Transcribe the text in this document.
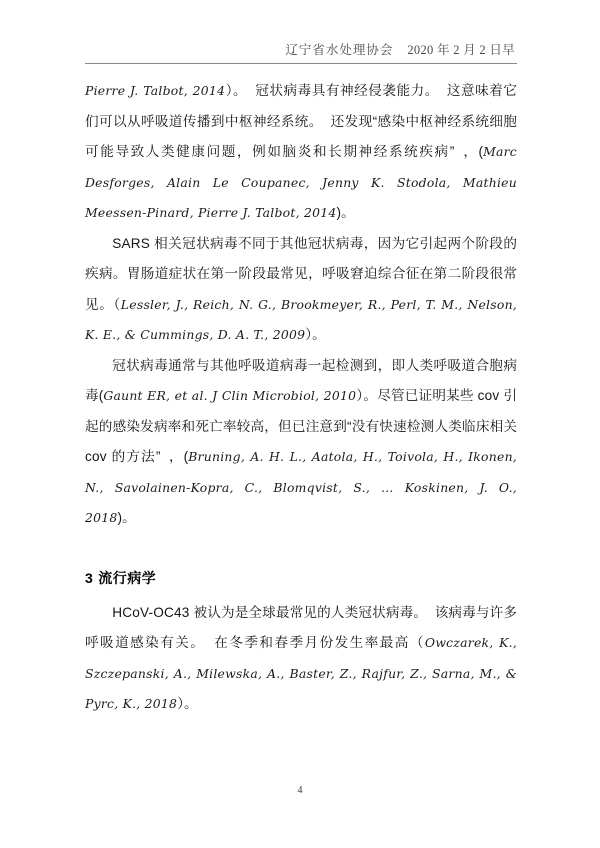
辽宁省水处理协会 2020 年 2 月 2 日早

Pierre J. Talbot, 2014）。 冠状病毒具有神经侵袭能力。 这意味着它们可以从呼吸道传播到中枢神经系统。 还发现“感染中枢神经系统细胞可能导致人类健康问题，例如脑炎和长期神经系统疾病” ，(Marc Desforges, Alain Le Coupanec, Jenny K. Stodola, Mathieu Meessen-Pinard, Pierre J. Talbot, 2014)。

SARS 相关冠状病毒不同于其他冠状病毒，因为它引起两个阶段的疾病。胃肠道症状在第一阶段最常见，呼吸窘迫综合征在第二阶段很常见。（Lessler, J., Reich, N. G., Brookmeyer, R., Perl, T. M., Nelson, K. E., & Cummings, D. A. T., 2009）。

冠状病毒通常与其他呼吸道病毒一起检测到，即人类呼吸道合胞病毒(Gaunt ER, et al. J Clin Microbiol, 2010）。尽管已证明某些 cov 引起的感染发病率和死亡率较高，但已注意到“没有快速检测人类临床相关 cov 的方法” ，(Bruning, A. H. L., Aatola, H., Toivola, H., Ikonen, N., Savolainen-Kopra, C., Blomqvist, S., … Koskinen, J. O., 2018)。

3 流行病学

HCoV-OC43 被认为是全球最常见的人类冠状病毒。 该病毒与许多呼吸道感染有关。 在冬季和春季月份发生率最高（Owczarek, K., Szczepanski, A., Milewska, A., Baster, Z., Rajfur, Z., Sarna, M., & Pyrc, K., 2018）。

4
